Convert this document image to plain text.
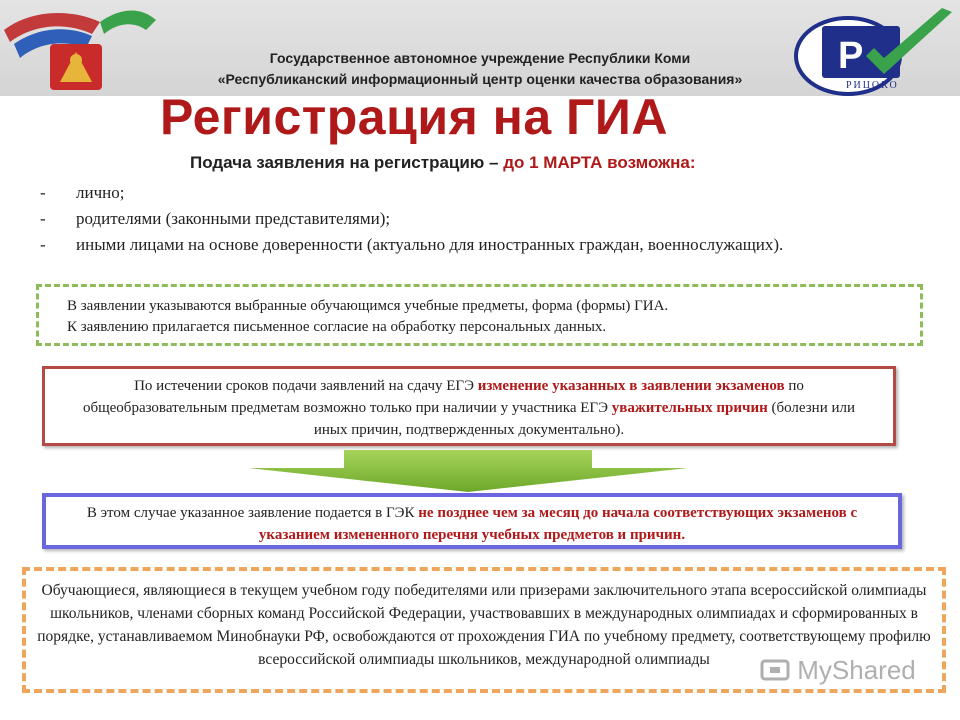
Государственное автономное учреждение Республики Коми
«Республиканский информационный центр оценки качества образования»
Р
РИЦОКО
Регистрация на ГИА
Подача заявления на регистрацию – до 1 МАРТА возможна:
- лично;
- родителями (законными представителями);
- иными лицами на основе доверенности (актуально для иностранных граждан, военнослужащих).
В заявлении указываются выбранные обучающимся учебные предметы, форма (формы) ГИА.
К заявлению прилагается письменное согласие на обработку персональных данных.
По истечении сроков подачи заявлений на сдачу ЕГЭ изменение указанных в заявлении экзаменов по общеобразовательным предметам возможно только при наличии у участника ЕГЭ уважительных причин (болезни или иных причин, подтвержденных документально).
В этом случае указанное заявление подается в ГЭК не позднее чем за месяц до начала соответствующих экзаменов с указанием измененного перечня учебных предметов и причин.
Обучающиеся, являющиеся в текущем учебном году победителями или призерами заключительного этапа всероссийской олимпиады школьников, членами сборных команд Российской Федерации, участвовавших в международных олимпиадах и сформированных в порядке, устанавливаемом Минобнауки РФ, освобождаются от прохождения ГИА по учебному предмету, соответствующему профилю всероссийской олимпиады школьников, международной олимпиады	MyShared
